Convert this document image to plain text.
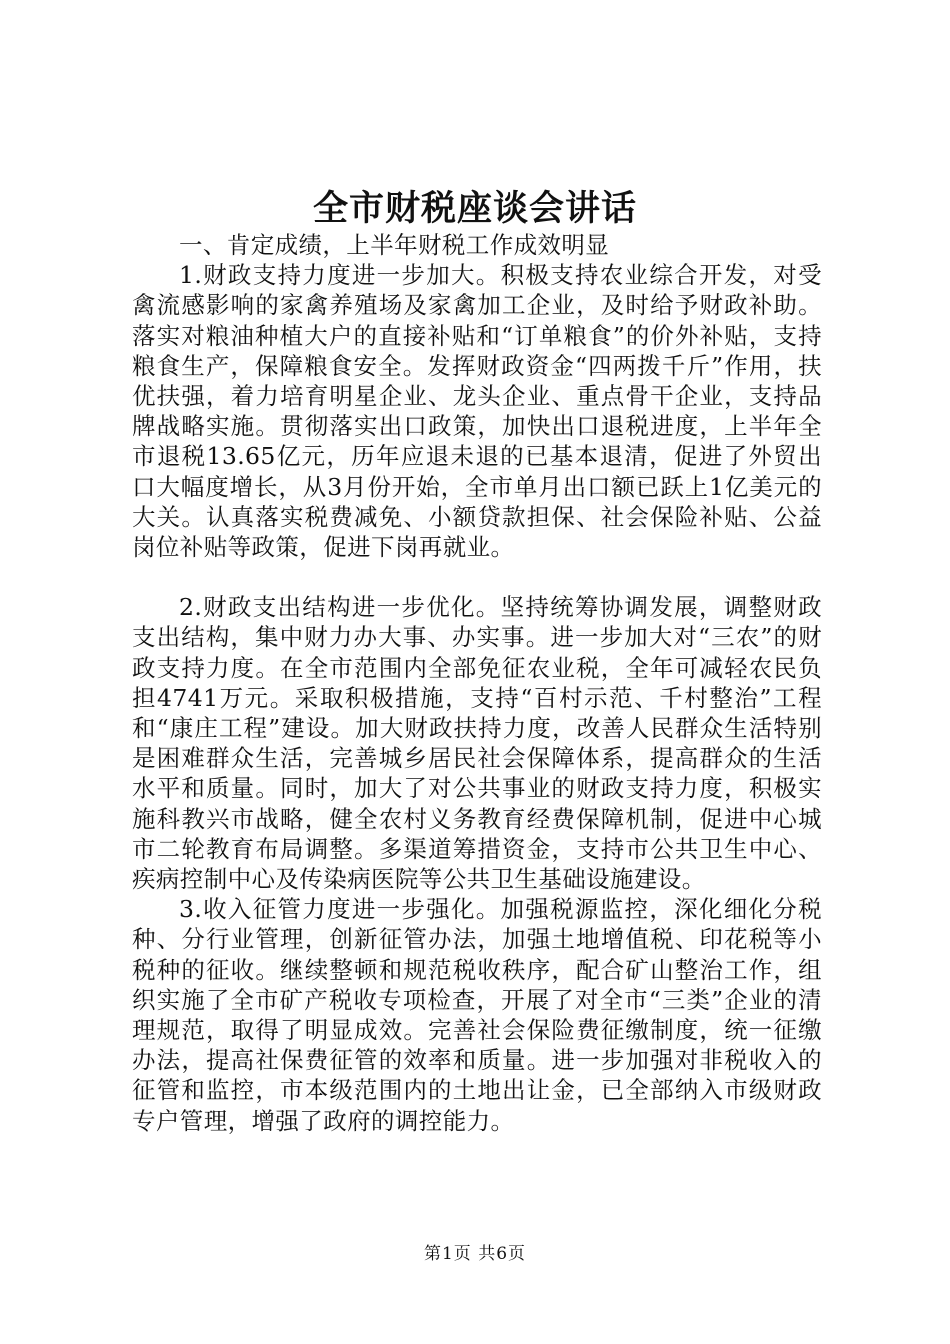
全市财税座谈会讲话

一、肯定成绩，上半年财税工作成效明显

1.财政支持力度进一步加大。积极支持农业综合开发，对受禽流感影响的家禽养殖场及家禽加工企业，及时给予财政补助。落实对粮油种植大户的直接补贴和“订单粮食”的价外补贴，支持粮食生产，保障粮食安全。发挥财政资金“四两拨千斤”作用，扶优扶强，着力培育明星企业、龙头企业、重点骨干企业，支持品牌战略实施。贯彻落实出口政策，加快出口退税进度，上半年全市退税13.65亿元，历年应退未退的已基本退清，促进了外贸出口大幅度增长，从3月份开始，全市单月出口额已跃上1亿美元的大关。认真落实税费减免、小额贷款担保、社会保险补贴、公益岗位补贴等政策，促进下岗再就业。

2.财政支出结构进一步优化。坚持统筹协调发展，调整财政支出结构，集中财力办大事、办实事。进一步加大对“三农”的财政支持力度。在全市范围内全部免征农业税，全年可减轻农民负担4741万元。采取积极措施，支持“百村示范、千村整治”工程和“康庄工程”建设。加大财政扶持力度，改善人民群众生活特别是困难群众生活，完善城乡居民社会保障体系，提高群众的生活水平和质量。同时，加大了对公共事业的财政支持力度，积极实施科教兴市战略，健全农村义务教育经费保障机制，促进中心城市二轮教育布局调整。多渠道筹措资金，支持市公共卫生中心、疾病控制中心及传染病医院等公共卫生基础设施建设。

3.收入征管力度进一步强化。加强税源监控，深化细化分税种、分行业管理，创新征管办法，加强土地增值税、印花税等小税种的征收。继续整顿和规范税收秩序，配合矿山整治工作，组织实施了全市矿产税收专项检查，开展了对全市“三类”企业的清理规范，取得了明显成效。完善社会保险费征缴制度，统一征缴办法，提高社保费征管的效率和质量。进一步加强对非税收入的征管和监控，市本级范围内的土地出让金，已全部纳入市级财政专户管理，增强了政府的调控能力。

第1页 共6页
